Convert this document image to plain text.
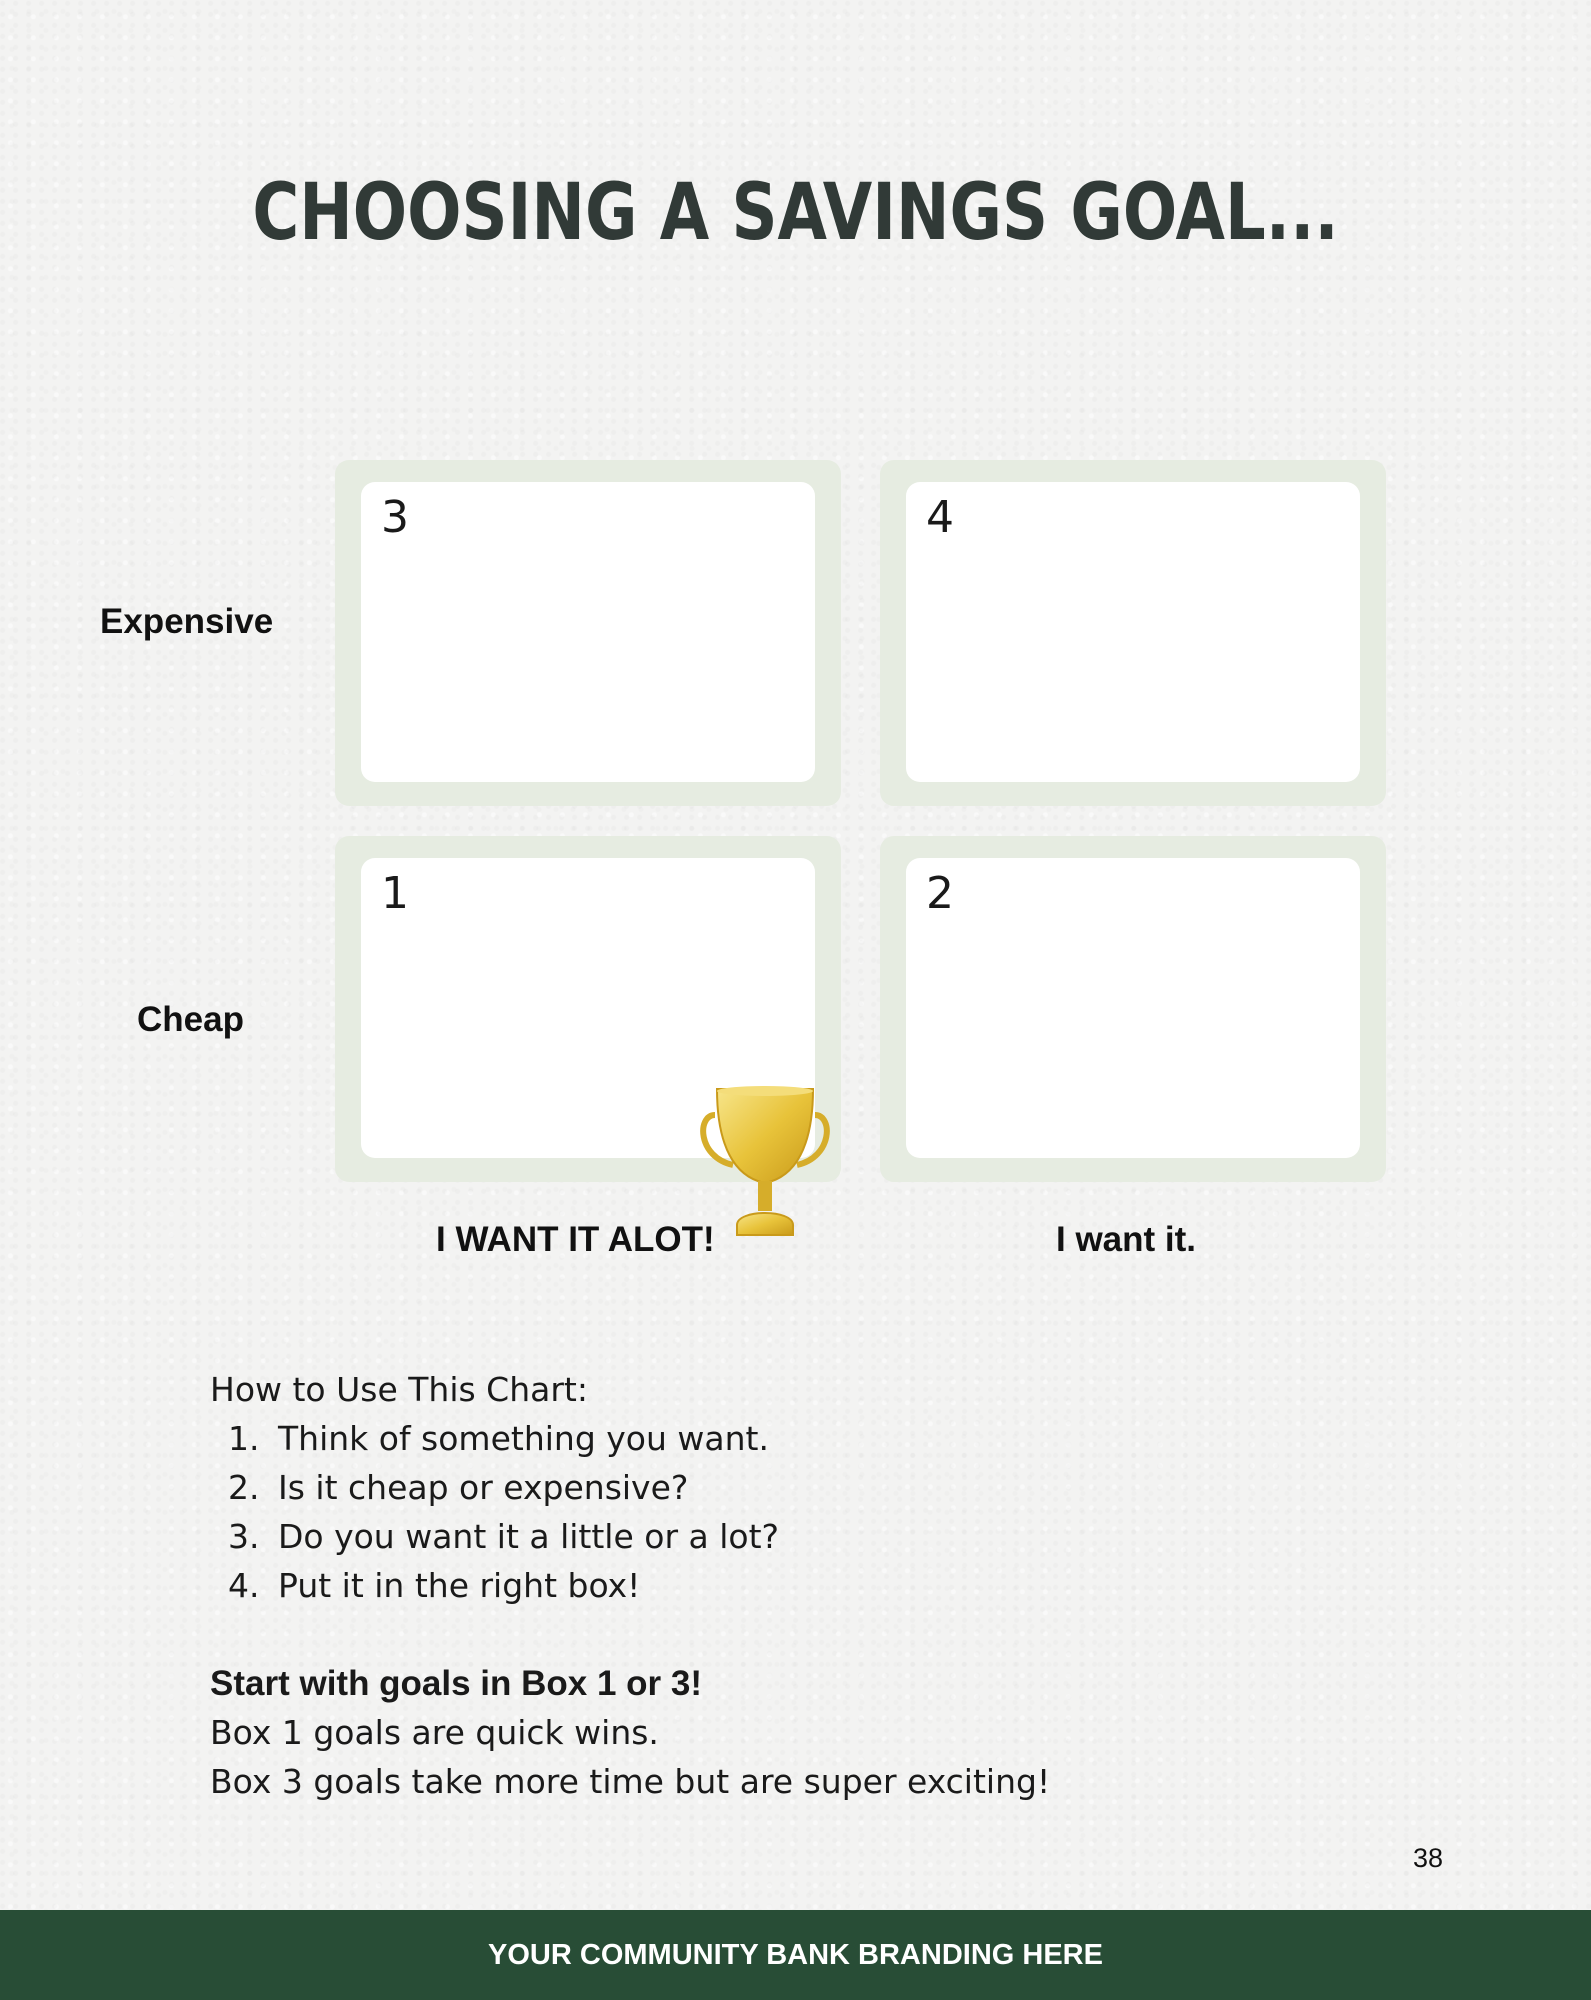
CHOOSING A SAVINGS GOAL...
Expensive
Cheap
3	4
1	2
I WANT IT ALOT!	I want it.
How to Use This Chart:
1. Think of something you want.
2. Is it cheap or expensive?
3. Do you want it a little or a lot?
4. Put it in the right box!
Start with goals in Box 1 or 3!
Box 1 goals are quick wins.
Box 3 goals take more time but are super exciting!
38
YOUR COMMUNITY BANK BRANDING HERE
